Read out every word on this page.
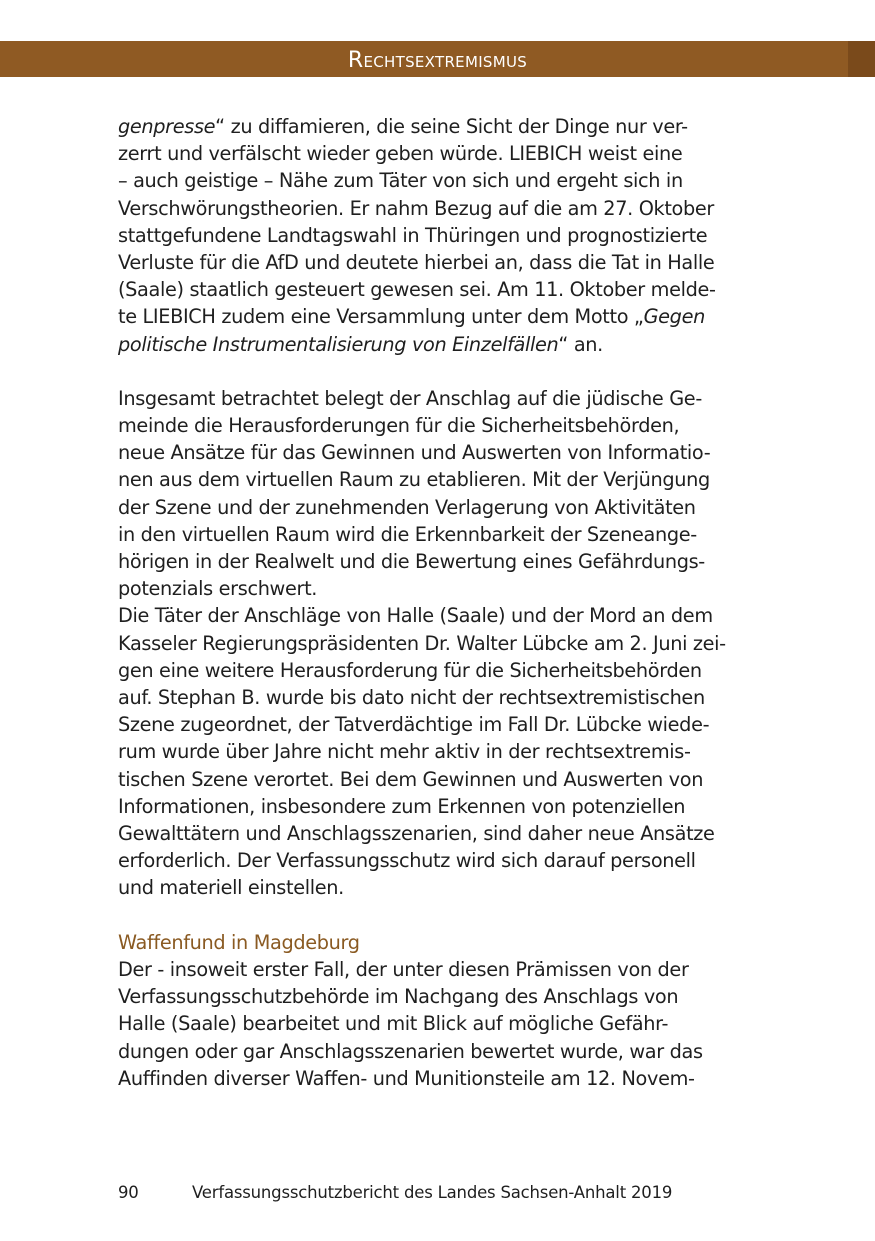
Rechtsextremismus
genpresse“ zu diffamieren, die seine Sicht der Dinge nur ver-
zerrt und verfälscht wieder geben würde. LIEBICH weist eine
– auch geistige – Nähe zum Täter von sich und ergeht sich in
Verschwörungstheorien. Er nahm Bezug auf die am 27. Oktober
stattgefundene Landtagswahl in Thüringen und prognostizierte
Verluste für die AfD und deutete hierbei an, dass die Tat in Halle
(Saale) staatlich gesteuert gewesen sei. Am 11. Oktober melde-
te LIEBICH zudem eine Versammlung unter dem Motto „Gegen
politische Instrumentalisierung von Einzelfällen“ an.
Insgesamt betrachtet belegt der Anschlag auf die jüdische Ge-
meinde die Herausforderungen für die Sicherheitsbehörden,
neue Ansätze für das Gewinnen und Auswerten von Informatio-
nen aus dem virtuellen Raum zu etablieren. Mit der Verjüngung
der Szene und der zunehmenden Verlagerung von Aktivitäten
in den virtuellen Raum wird die Erkennbarkeit der Szeneange-
hörigen in der Realwelt und die Bewertung eines Gefährdungs-
potenzials erschwert.
Die Täter der Anschläge von Halle (Saale) und der Mord an dem
Kasseler Regierungspräsidenten Dr. Walter Lübcke am 2. Juni zei-
gen eine weitere Herausforderung für die Sicherheitsbehörden
auf. Stephan B. wurde bis dato nicht der rechtsextremistischen
Szene zugeordnet, der Tatverdächtige im Fall Dr. Lübcke wiede-
rum wurde über Jahre nicht mehr aktiv in der rechtsextremis-
tischen Szene verortet. Bei dem Gewinnen und Auswerten von
Informationen, insbesondere zum Erkennen von potenziellen
Gewalttätern und Anschlagsszenarien, sind daher neue Ansätze
erforderlich. Der Verfassungsschutz wird sich darauf personell
und materiell einstellen.
Waffenfund in Magdeburg
Der - insoweit erster Fall, der unter diesen Prämissen von der
Verfassungsschutzbehörde im Nachgang des Anschlags von
Halle (Saale) bearbeitet und mit Blick auf mögliche Gefähr-
dungen oder gar Anschlagsszenarien bewertet wurde, war das
Auffinden diverser Waffen- und Munitionsteile am 12. Novem-
90	Verfassungsschutzbericht des Landes Sachsen-Anhalt 2019
